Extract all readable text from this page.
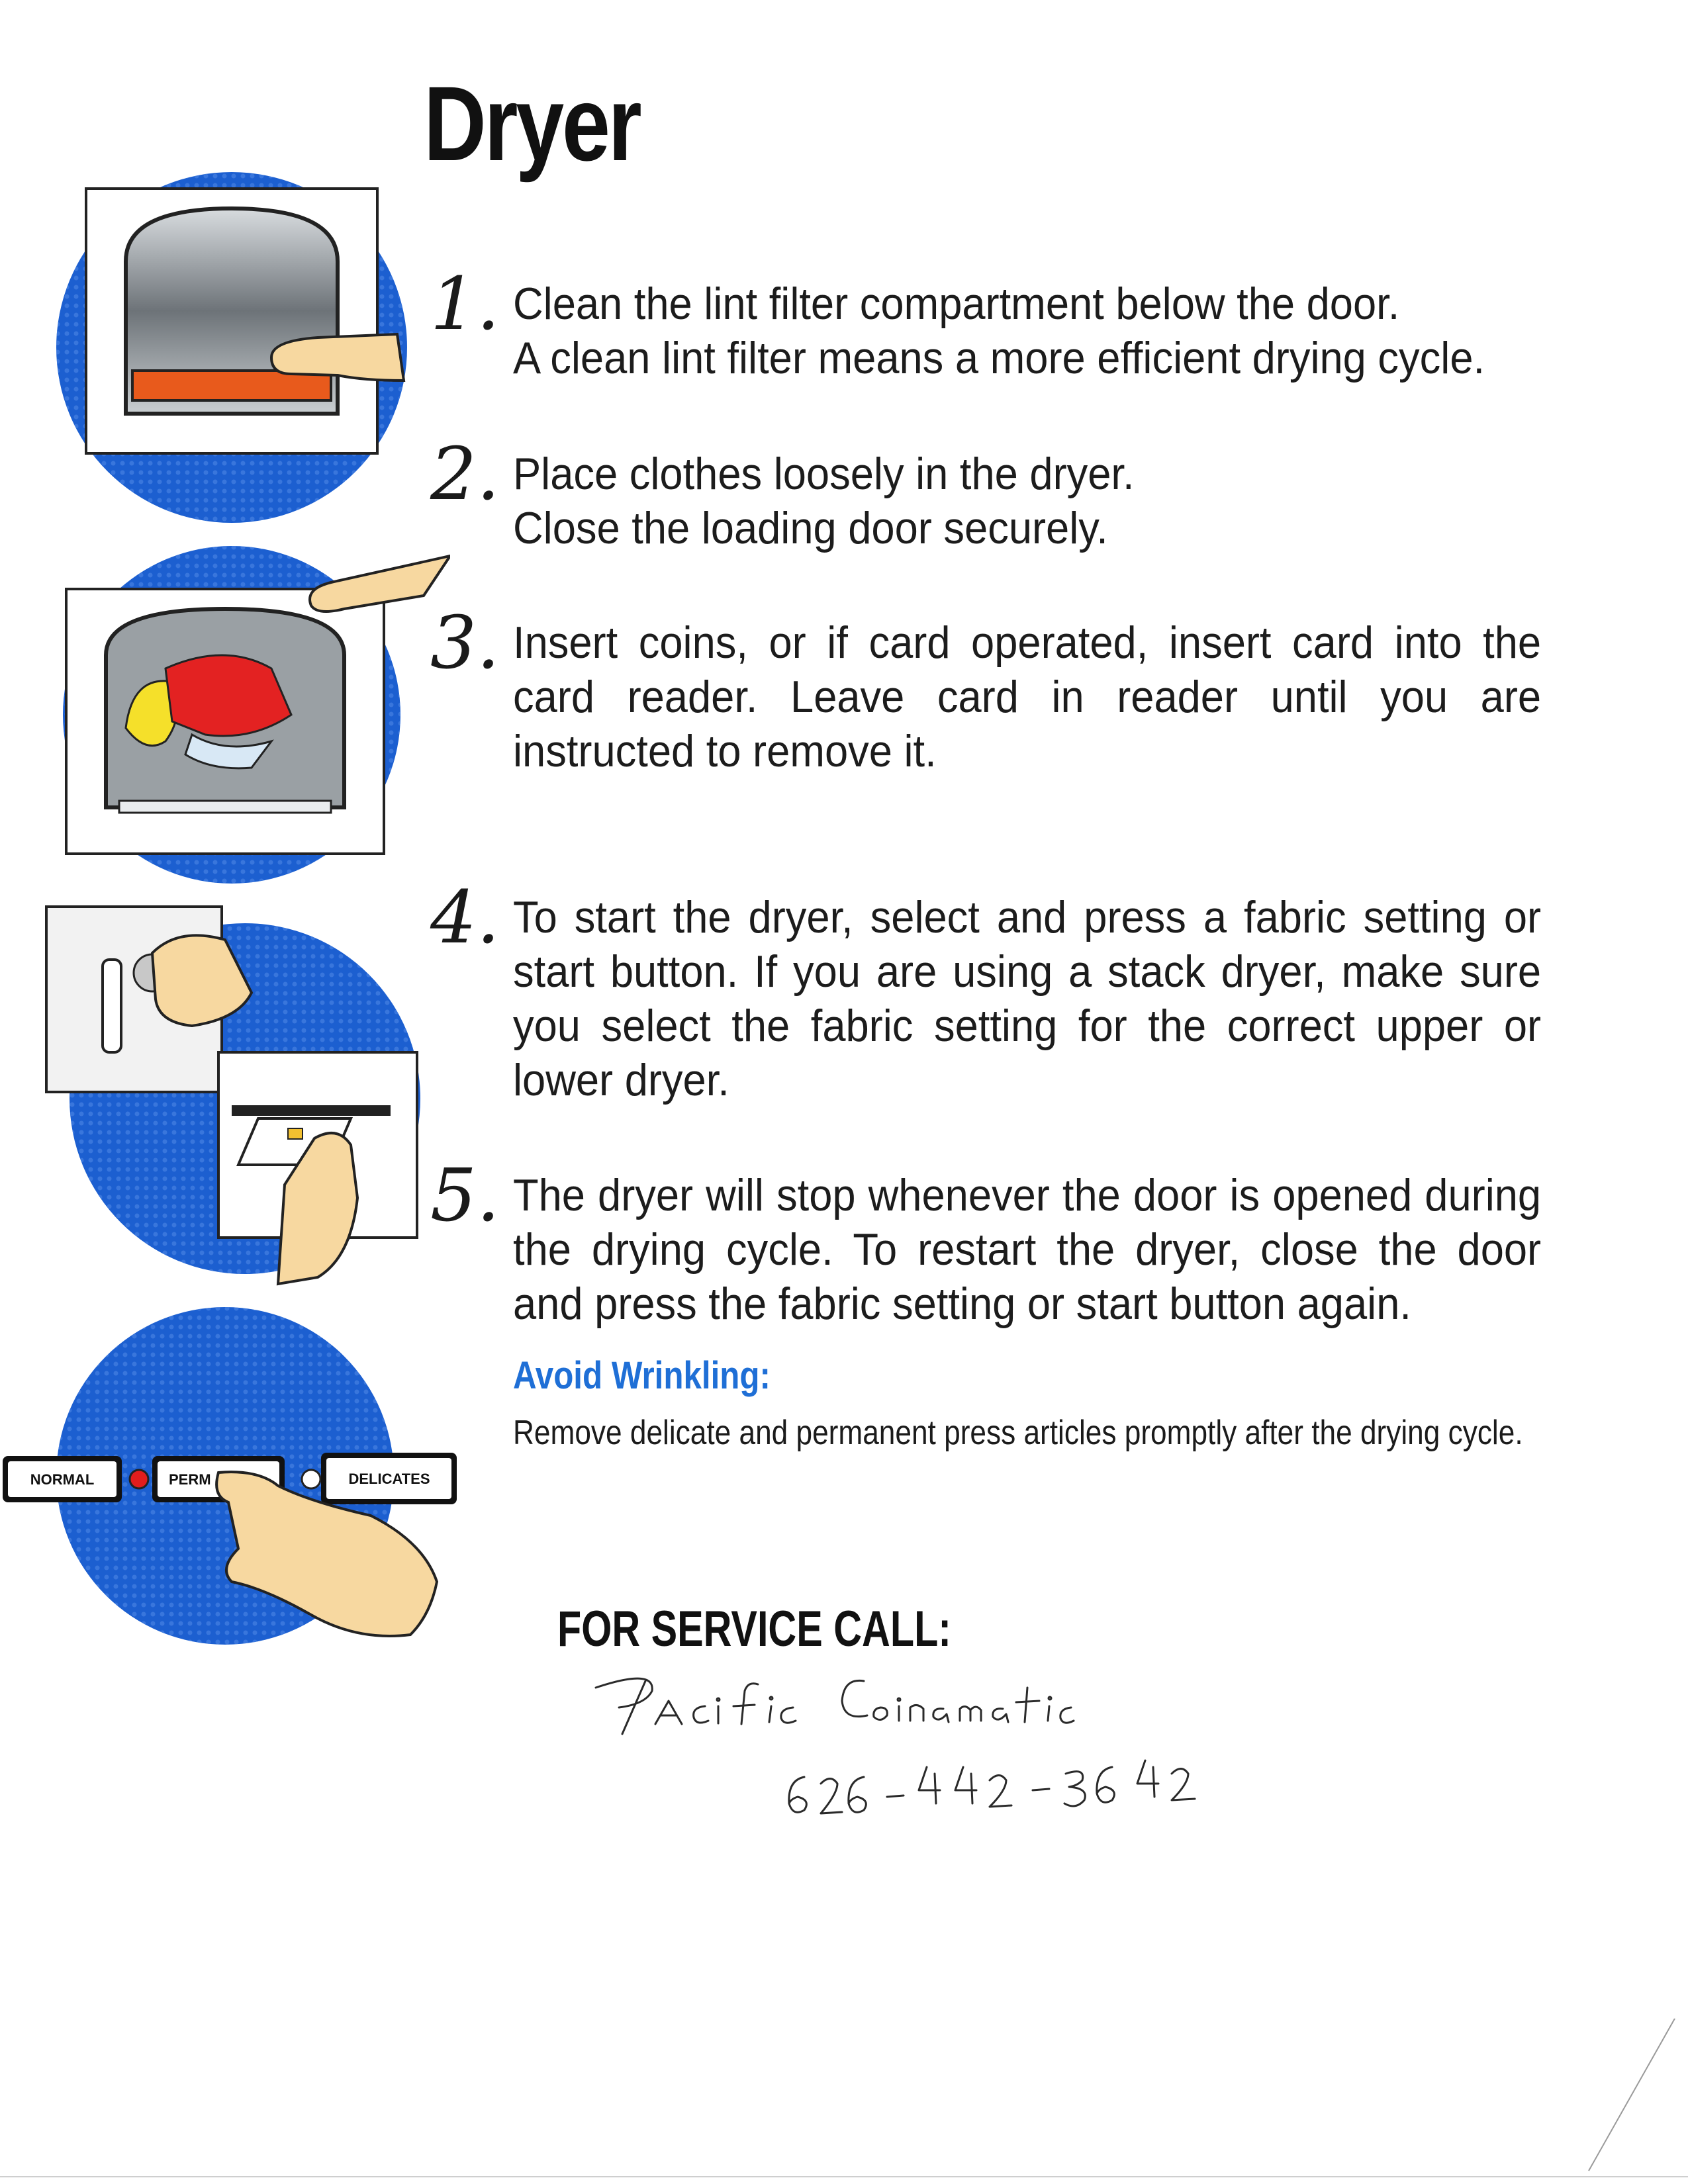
Dryer
1. Clean the lint filter compartment below the door.
A clean lint filter means a more efficient drying cycle.
2. Place clothes loosely in the dryer.
Close the loading door securely.
3. Insert coins, or if card operated, insert card into the card reader. Leave card in reader until you are instructed to remove it.
4. To start the dryer, select and press a fabric setting or start button. If you are using a stack dryer, make sure you select the fabric setting for the correct upper or lower dryer.
5. The dryer will stop whenever the door is opened during the drying cycle. To restart the dryer, close the door and press the fabric setting or start button again.
Avoid Wrinkling:
Remove delicate and permanent press articles promptly after the drying cycle.
FOR SERVICE CALL:
NORMAL	PERM	DELICATES
